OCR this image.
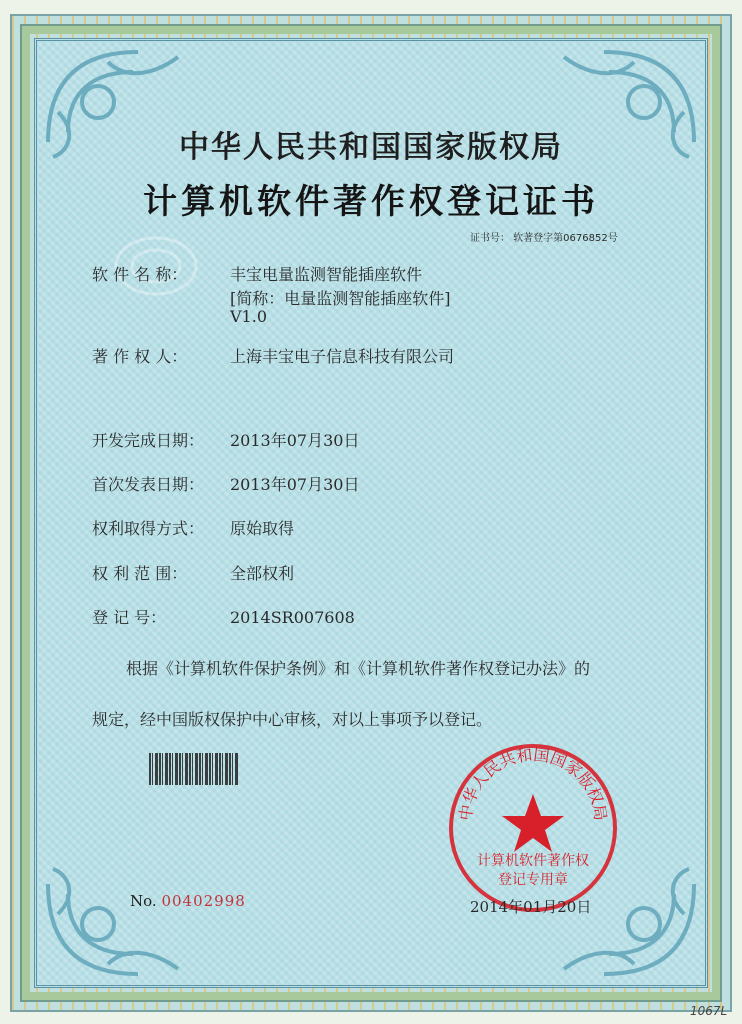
中华人民共和国国家版权局
计算机软件著作权登记证书
证书号： 软著登字第0676852号
软 件 名 称：	丰宝电量监测智能插座软件
[简称：电量监测智能插座软件]
V1.0
著 作 权 人：	上海丰宝电子信息科技有限公司
开发完成日期： 2013年07月30日
首次发表日期： 2013年07月30日
权利取得方式： 原始取得
权 利 范 围：	全部权利
登 记 号：	2014SR007608
根据《计算机软件保护条例》和《计算机软件著作权登记办法》的
规定，经中国版权保护中心审核，对以上事项予以登记。
中华人民共和国国家版权局
计算机软件著作权
登记专用章
No. 00402998	2014年01月20日
1067L
